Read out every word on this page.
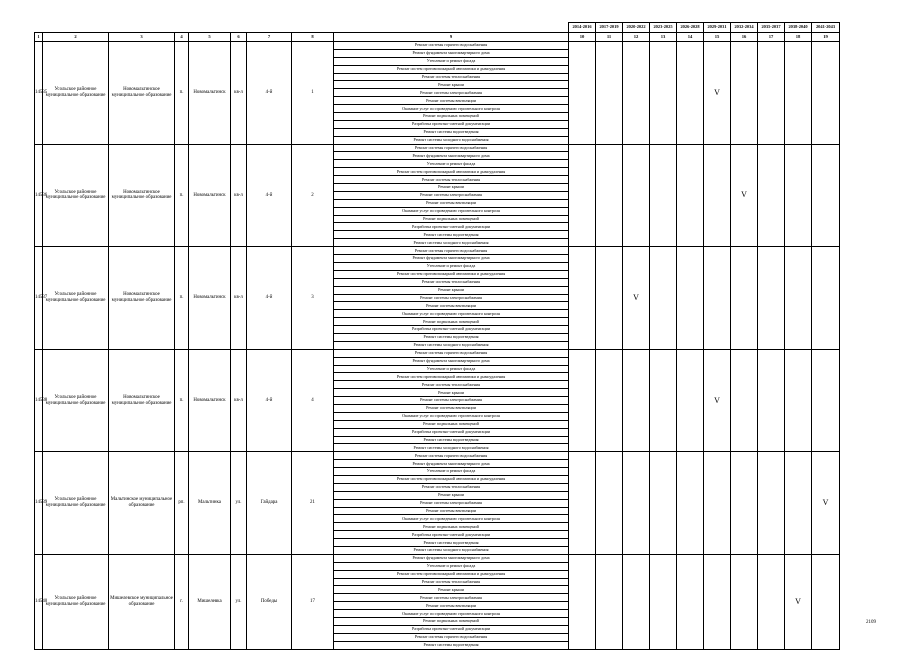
									2014-2016	2017-2019	2020-2022	2023-2025	2026-2028	2029-2031	2032-2034	2035-2037	2038-2040	2041-2043
1	2	3	4	5	6	7	8	9	10	11	12	13	14	15	16	17	18	19
14535	Усольское районное муниципальное образование	Новомальтинское муниципальное образование	п.	Новомальтинск	кв-л	4-й	1	Ремонт системы горячего водоснабжения						V				
								Ремонт фундамента многоквартирного дома										
								Утепление и ремонт фасада										
								Ремонт систем противопожарной автоматики и дымоудаления										
								Ремонт системы теплоснабжения										
								Ремонт крыши										
								Ремонт системы электроснабжения										
								Ремонт системы вентиляции										
								Оказание услуг по проведению строительного контроля										
								Ремонт подвальных помещений										
								Разработка проектно-сметной документации										
								Ремонт системы водоотведения										
								Ремонт системы холодного водоснабжения										
14536	Усольское районное муниципальное образование	Новомальтинское муниципальное образование	п.	Новомальтинск	кв-л	4-й	2	Ремонт системы горячего водоснабжения							V			
								Ремонт фундамента многоквартирного дома										
								Утепление и ремонт фасада										
								Ремонт систем противопожарной автоматики и дымоудаления										
								Ремонт системы теплоснабжения										
								Ремонт крыши										
								Ремонт системы электроснабжения										
								Ремонт системы вентиляции										
								Оказание услуг по проведению строительного контроля										
								Ремонт подвальных помещений										
								Разработка проектно-сметной документации										
								Ремонт системы водоотведения										
								Ремонт системы холодного водоснабжения										
14537	Усольское районное муниципальное образование	Новомальтинское муниципальное образование	п.	Новомальтинск	кв-л	4-й	3	Ремонт системы горячего водоснабжения			V							
								Ремонт фундамента многоквартирного дома										
								Утепление и ремонт фасада										
								Ремонт систем противопожарной автоматики и дымоудаления										
								Ремонт системы теплоснабжения										
								Ремонт крыши										
								Ремонт системы электроснабжения										
								Ремонт системы вентиляции										
								Оказание услуг по проведению строительного контроля										
								Ремонт подвальных помещений										
								Разработка проектно-сметной документации										
								Ремонт системы водоотведения										
								Ремонт системы холодного водоснабжения										
14538	Усольское районное муниципальное образование	Новомальтинское муниципальное образование	п.	Новомальтинск	кв-л	4-й	4	Ремонт системы горячего водоснабжения						V				
								Ремонт фундамента многоквартирного дома										
								Утепление и ремонт фасада										
								Ремонт систем противопожарной автоматики и дымоудаления										
								Ремонт системы теплоснабжения										
								Ремонт крыши										
								Ремонт системы электроснабжения										
								Ремонт системы вентиляции										
								Оказание услуг по проведению строительного контроля										
								Ремонт подвальных помещений										
								Разработка проектно-сметной документации										
								Ремонт системы водоотведения										
								Ремонт системы холодного водоснабжения										
14539	Усольское районное муниципальное образование	Мальтинское муниципальное образование	рп.	Мальтинка	ул.	Гайдара	21	Ремонт системы горячего водоснабжения										V
								Ремонт фундамента многоквартирного дома										
								Утепление и ремонт фасада										
								Ремонт систем противопожарной автоматики и дымоудаления										
								Ремонт системы теплоснабжения										
								Ремонт крыши										
								Ремонт системы электроснабжения										
								Ремонт системы вентиляции										
								Оказание услуг по проведению строительного контроля										
								Ремонт подвальных помещений										
								Разработка проектно-сметной документации										
								Ремонт системы водоотведения										
								Ремонт системы холодного водоснабжения										
14540	Усольское районное муниципальное образование	Мишелевское муниципальное образование	г.	Мишелевка	ул.	Победы	17	Ремонт фундамента многоквартирного дома									V	
								Утепление и ремонт фасада										
								Ремонт систем противопожарной автоматики и дымоудаления										
								Ремонт системы теплоснабжения										
								Ремонт крыши										
								Ремонт системы электроснабжения										
								Ремонт системы вентиляции										
								Оказание услуг по проведению строительного контроля										
								Ремонт подвальных помещений										
								Разработка проектно-сметной документации										
								Ремонт системы горячего водоснабжения										
								Ремонт системы водоотведения										
2109
